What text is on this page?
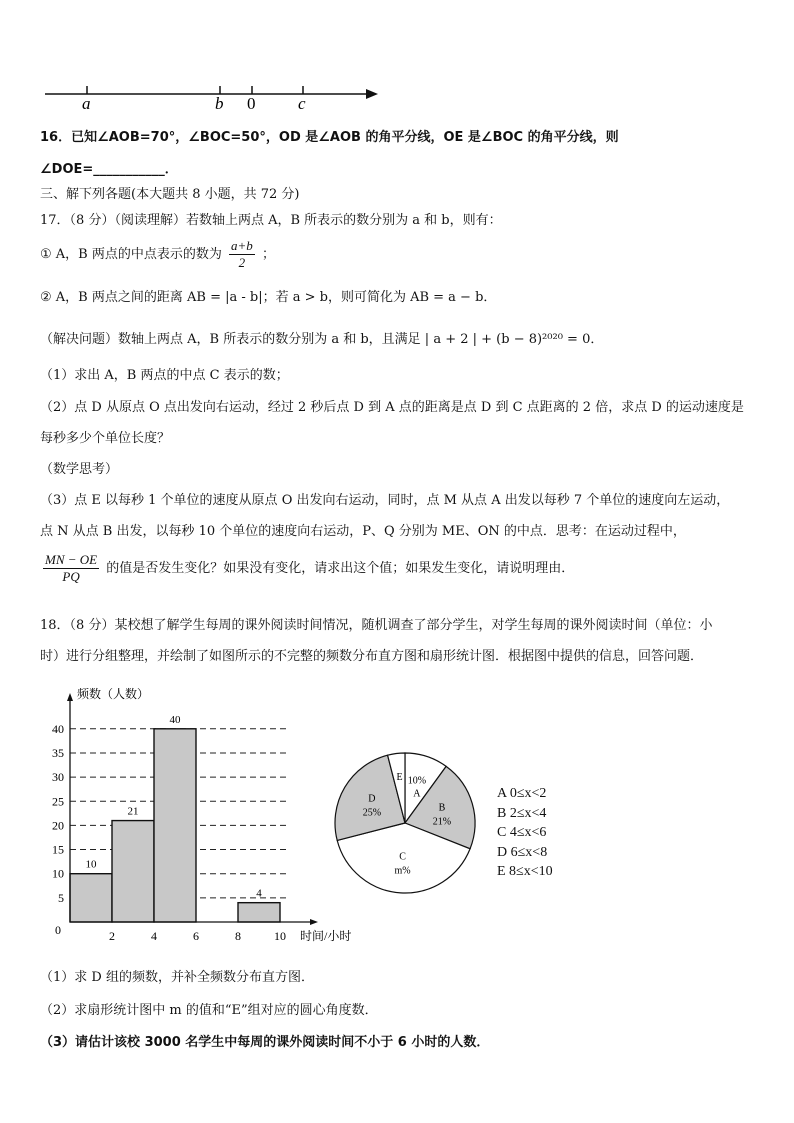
a	b 0	c
16．已知∠AOB=70°，∠BOC=50°，OD 是∠AOB 的角平分线，OE 是∠BOC 的角平分线，则
∠DOE=___________．
三、解下列各题(本大题共 8 小题，共 72 分)
17．（8 分）（阅读理解）若数轴上两点 A，B 所表示的数分别为 a 和 b，则有：
① A，B 两点的中点表示的数为 $\frac{a+b}{2}$ ；
② A，B 两点之间的距离 AB = |a - b|；若 a > b，则可简化为 AB = a − b．
（解决问题）数轴上两点 A，B 所表示的数分别为 a 和 b，且满足 | a + 2 | + (b − 8)²⁰²⁰ = 0．
（1）求出 A，B 两点的中点 C 表示的数；
（2）点 D 从原点 O 点出发向右运动，经过 2 秒后点 D 到 A 点的距离是点 D 到 C 点距离的 2 倍，求点 D 的运动速度是
每秒多少个单位长度？
（数学思考）
（3）点 E 以每秒 1 个单位的速度从原点 O 出发向右运动，同时，点 M 从点 A 出发以每秒 7 个单位的速度向左运动，
点 N 从点 B 出发，以每秒 10 个单位的速度向右运动，P、Q 分别为 ME、ON 的中点．思考：在运动过程中，
$\frac{MN - OE}{PQ}$ 的值是否发生变化？如果没有变化，请求出这个值；如果发生变化，请说明理由．
18．（8 分）某校想了解学生每周的课外阅读时间情况，随机调查了部分学生，对学生每周的课外阅读时间（单位：小
时）进行分组整理，并绘制了如图所示的不完整的频数分布直方图和扇形统计图．根据图中提供的信息，回答问题．
5
10
15
20
25
30
35
40
10
21
40
4
0	2	4	6	8	10
频数（人数）
时间/小时
10%
A
B
21%
C
m%
D
25%
E
A 0≤x<2
B 2≤x<4
C 4≤x<6
D 6≤x<8
E 8≤x<10
（1）求 D 组的频数，并补全频数分布直方图．
（2）求扇形统计图中 m 的值和“E”组对应的圆心角度数．
（3）请估计该校 3000 名学生中每周的课外阅读时间不小于 6 小时的人数．
